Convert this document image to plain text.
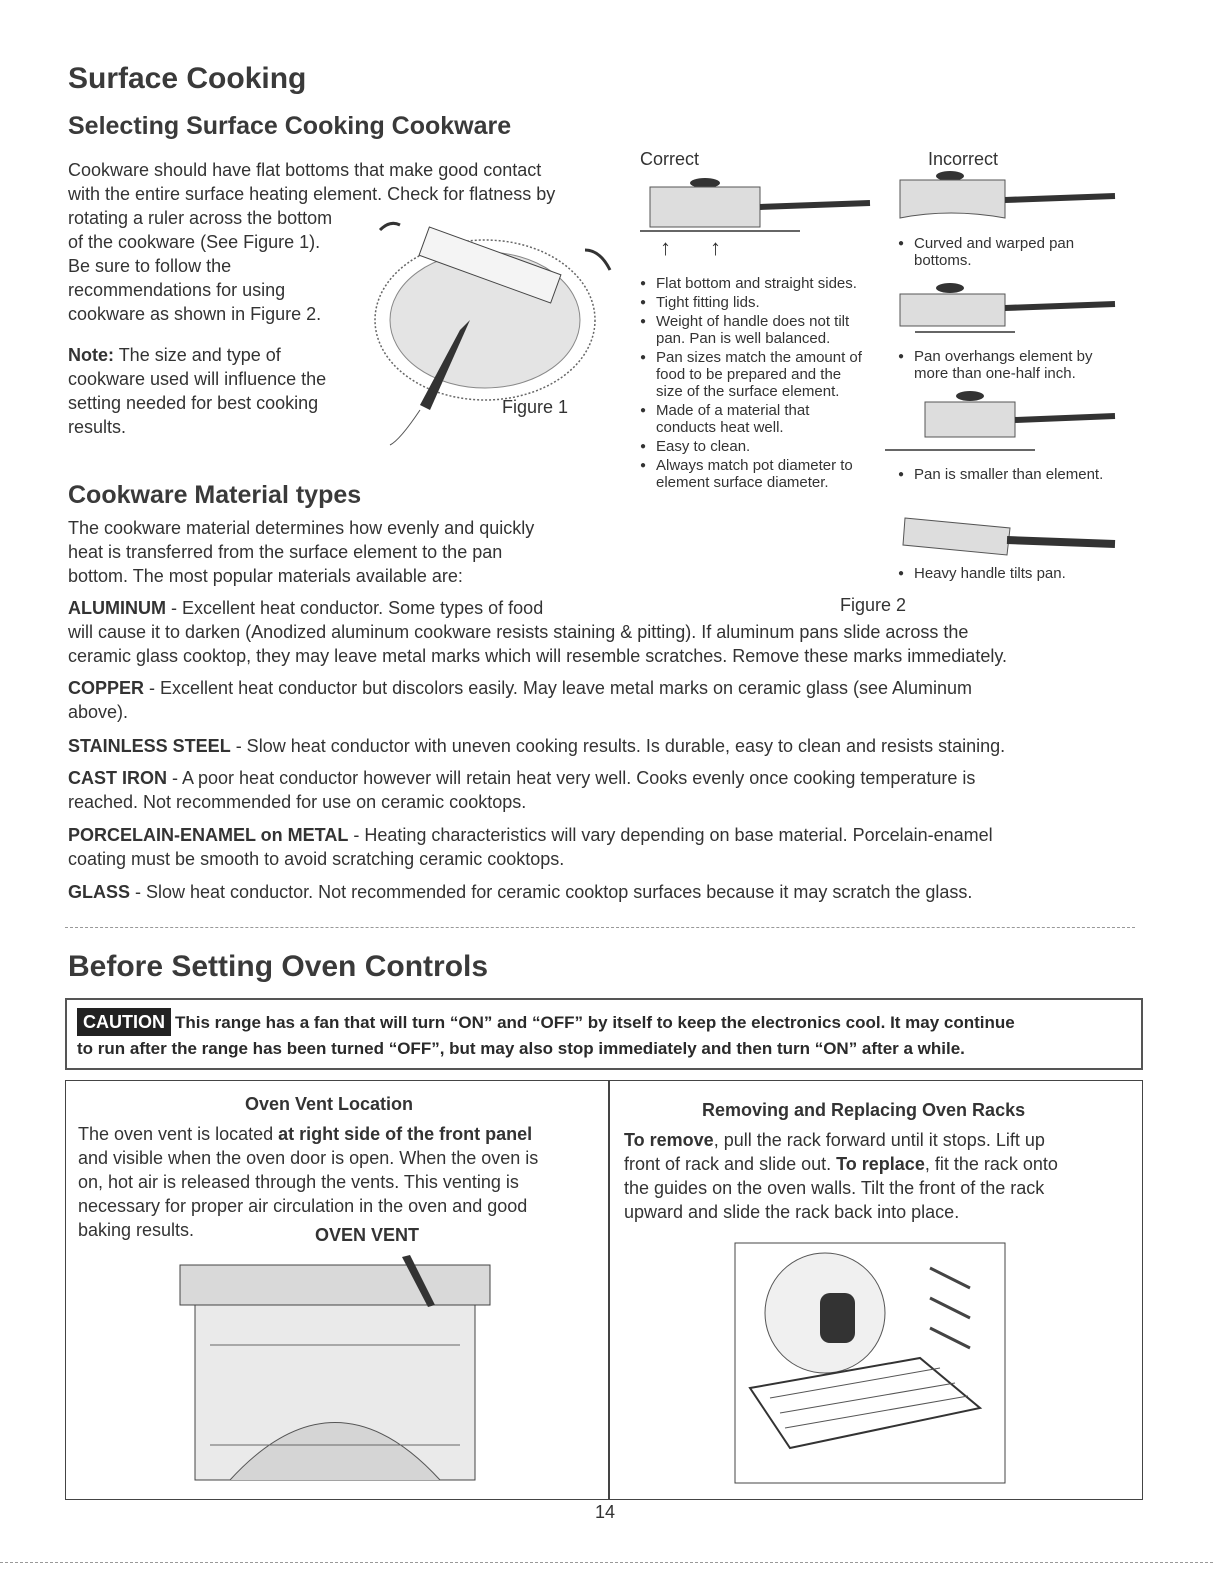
Surface Cooking
Selecting Surface Cooking Cookware
Cookware should have flat bottoms that make good contact
with the entire surface heating element. Check for flatness by
rotating a ruler across the bottom
of the cookware (See Figure 1).
Be sure to follow the
recommendations for using
cookware as shown in Figure 2.
Note: The size and type of
cookware used will influence the
setting needed for best cooking
results.
Figure 1
Correct	Incorrect
↑ ↑
● Flat bottom and straight sides.
● Tight fitting lids.
● Weight of handle does not tilt pan. Pan is well balanced.
● Pan sizes match the amount of food to be prepared and the size of the surface element.
● Made of a material that conducts heat well.
● Easy to clean.
● Always match pot diameter to element surface diameter.
● Curved and warped pan bottoms.
● Pan overhangs element by more than one-half inch.
● Pan is smaller than element.
● Heavy handle tilts pan.
Figure 2
Cookware Material types
The cookware material determines how evenly and quickly
heat is transferred from the surface element to the pan
bottom. The most popular materials available are:
ALUMINUM - Excellent heat conductor. Some types of food
will cause it to darken (Anodized aluminum cookware resists staining & pitting). If aluminum pans slide across the
ceramic glass cooktop, they may leave metal marks which will resemble scratches. Remove these marks immediately.
COPPER - Excellent heat conductor but discolors easily. May leave metal marks on ceramic glass (see Aluminum
above).
STAINLESS STEEL - Slow heat conductor with uneven cooking results. Is durable, easy to clean and resists staining.
CAST IRON - A poor heat conductor however will retain heat very well. Cooks evenly once cooking temperature is
reached. Not recommended for use on ceramic cooktops.
PORCELAIN-ENAMEL on METAL - Heating characteristics will vary depending on base material. Porcelain-enamel
coating must be smooth to avoid scratching ceramic cooktops.
GLASS - Slow heat conductor. Not recommended for ceramic cooktop surfaces because it may scratch the glass.
Before Setting Oven Controls
CAUTION This range has a fan that will turn “ON” and “OFF” by itself to keep the electronics cool. It may continue
to run after the range has been turned “OFF”, but may also stop immediately and then turn “ON” after a while.
Oven Vent Location
The oven vent is located at right side of the front panel
and visible when the oven door is open. When the oven is
on, hot air is released through the vents. This venting is
necessary for proper air circulation in the oven and good
baking results.	OVEN VENT
Removing and Replacing Oven Racks
To remove, pull the rack forward until it stops. Lift up
front of rack and slide out. To replace, fit the rack onto
the guides on the oven walls. Tilt the front of the rack
upward and slide the rack back into place.
14
